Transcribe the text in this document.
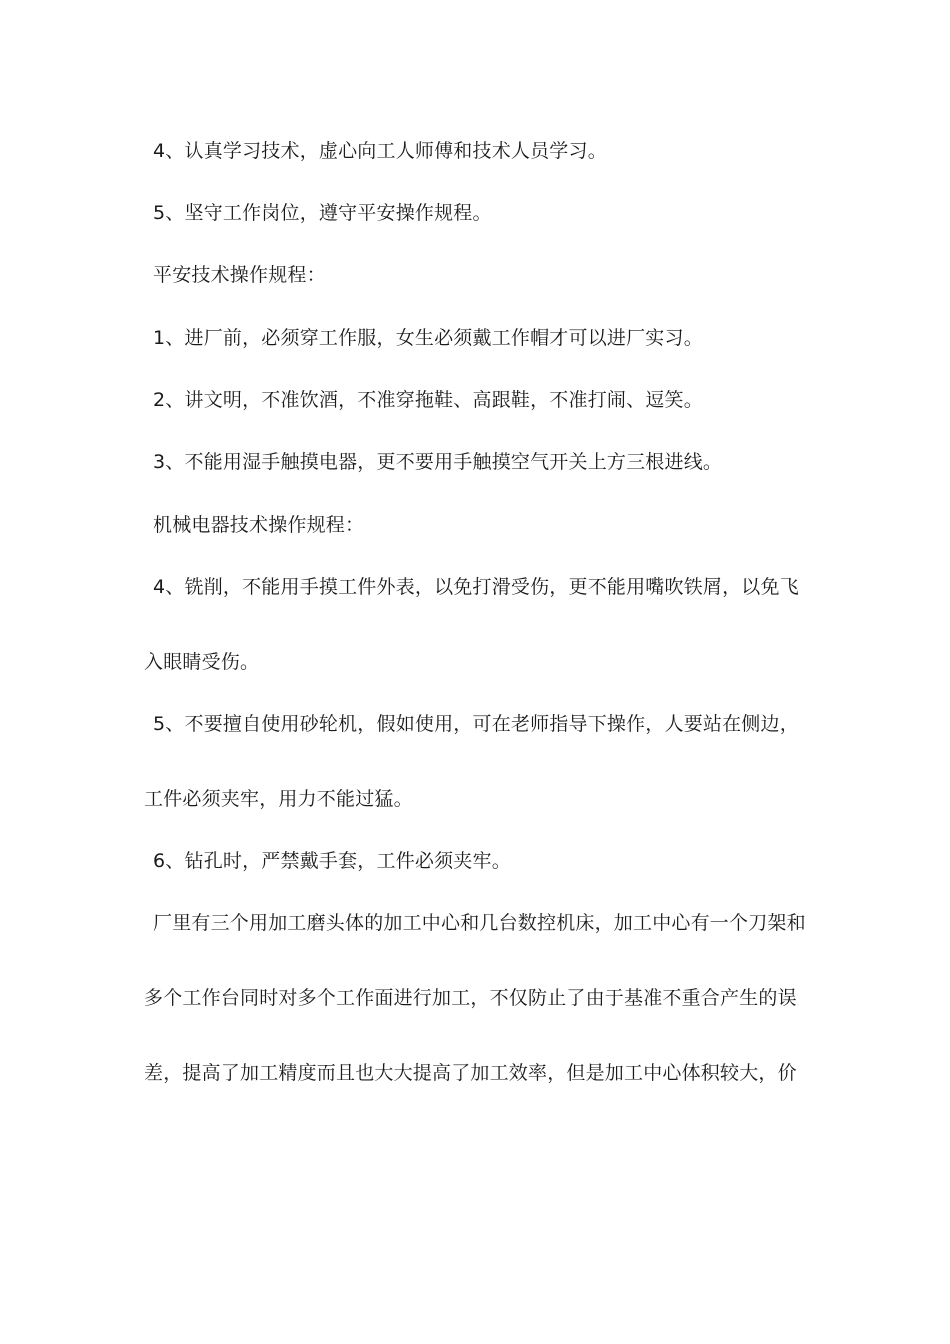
4、认真学习技术，虚心向工人师傅和技术人员学习。
5、坚守工作岗位，遵守平安操作规程。
平安技术操作规程：
1、进厂前，必须穿工作服，女生必须戴工作帽才可以进厂实习。
2、讲文明，不准饮酒，不准穿拖鞋、高跟鞋，不准打闹、逗笑。
3、不能用湿手触摸电器，更不要用手触摸空气开关上方三根进线。
机械电器技术操作规程：
4、铣削，不能用手摸工件外表，以免打滑受伤，更不能用嘴吹铁屑，以免飞
入眼睛受伤。
5、不要擅自使用砂轮机，假如使用，可在老师指导下操作，人要站在侧边，
工件必须夹牢，用力不能过猛。
6、钻孔时，严禁戴手套，工件必须夹牢。
厂里有三个用加工磨头体的加工中心和几台数控机床，加工中心有一个刀架和
多个工作台同时对多个工作面进行加工，不仅防止了由于基准不重合产生的误
差，提高了加工精度而且也大大提高了加工效率，但是加工中心体积较大，价
